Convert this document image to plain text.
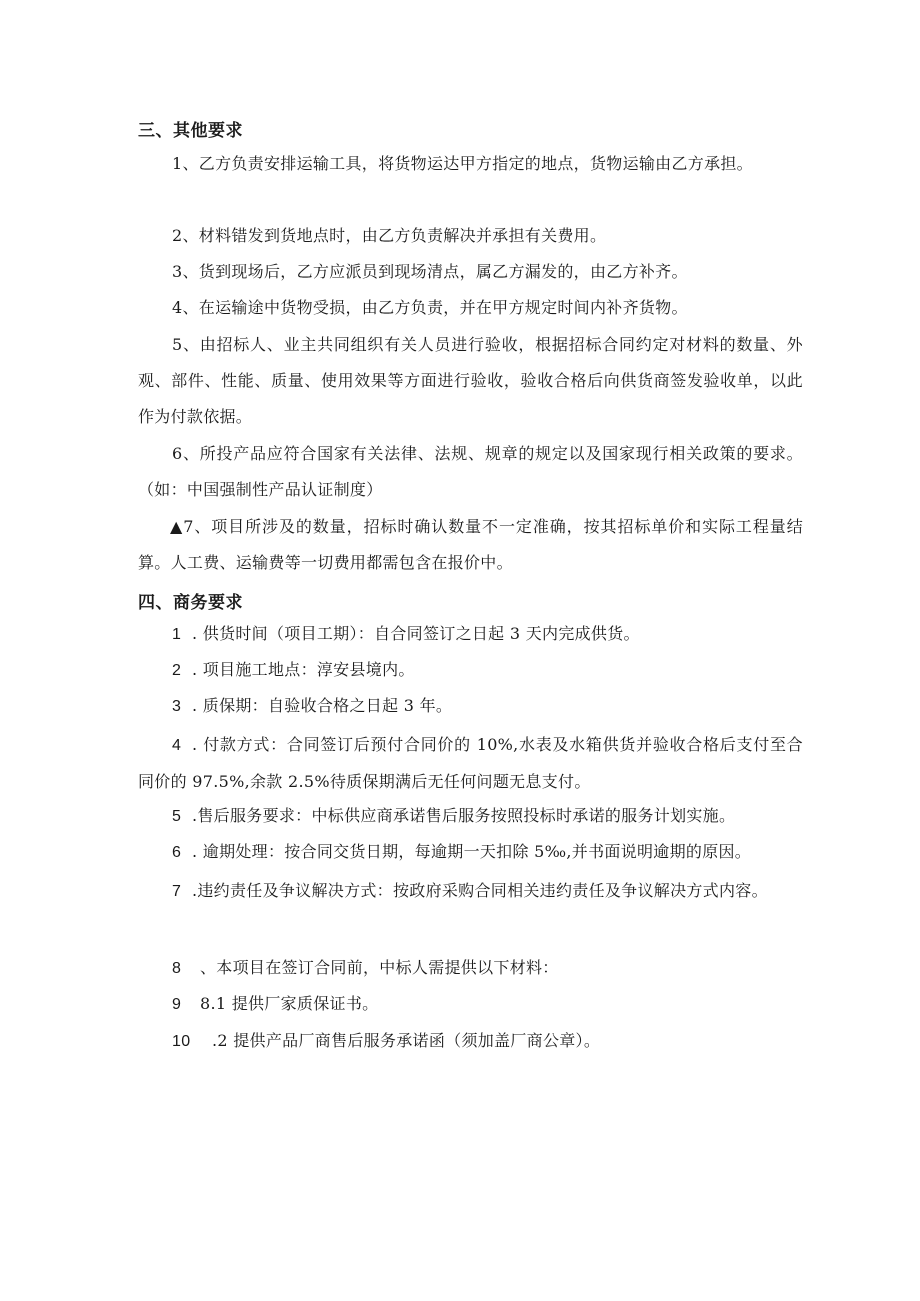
三、其他要求
1、乙方负责安排运输工具，将货物运达甲方指定的地点，货物运输由乙方承担。
2、材料错发到货地点时，由乙方负责解决并承担有关费用。
3、货到现场后，乙方应派员到现场清点，属乙方漏发的，由乙方补齐。
4、在运输途中货物受损，由乙方负责，并在甲方规定时间内补齐货物。
5、由招标人、业主共同组织有关人员进行验收，根据招标合同约定对材料的数量、外观、部件、性能、质量、使用效果等方面进行验收，验收合格后向供货商签发验收单，以此作为付款依据。
6、所投产品应符合国家有关法律、法规、规章的规定以及国家现行相关政策的要求。（如：中国强制性产品认证制度）
▲7、项目所涉及的数量，招标时确认数量不一定准确，按其招标单价和实际工程量结算。人工费、运输费等一切费用都需包含在报价中。
四、商务要求
1 . 供货时间（项目工期）：自合同签订之日起 3 天内完成供货。
2 . 项目施工地点：淳安县境内。
3 . 质保期：自验收合格之日起 3 年。
4 . 付款方式：合同签订后预付合同价的 10%,水表及水箱供货并验收合格后支付至合同价的 97.5%,余款 2.5%待质保期满后无任何问题无息支付。
5 .售后服务要求：中标供应商承诺售后服务按照投标时承诺的服务计划实施。
6 . 逾期处理：按合同交货日期，每逾期一天扣除 5‰,并书面说明逾期的原因。
7 .违约责任及争议解决方式：按政府采购合同相关违约责任及争议解决方式内容。
8 、本项目在签订合同前，中标人需提供以下材料：
9 8.1 提供厂家质保证书。
10 .2 提供产品厂商售后服务承诺函（须加盖厂商公章）。
